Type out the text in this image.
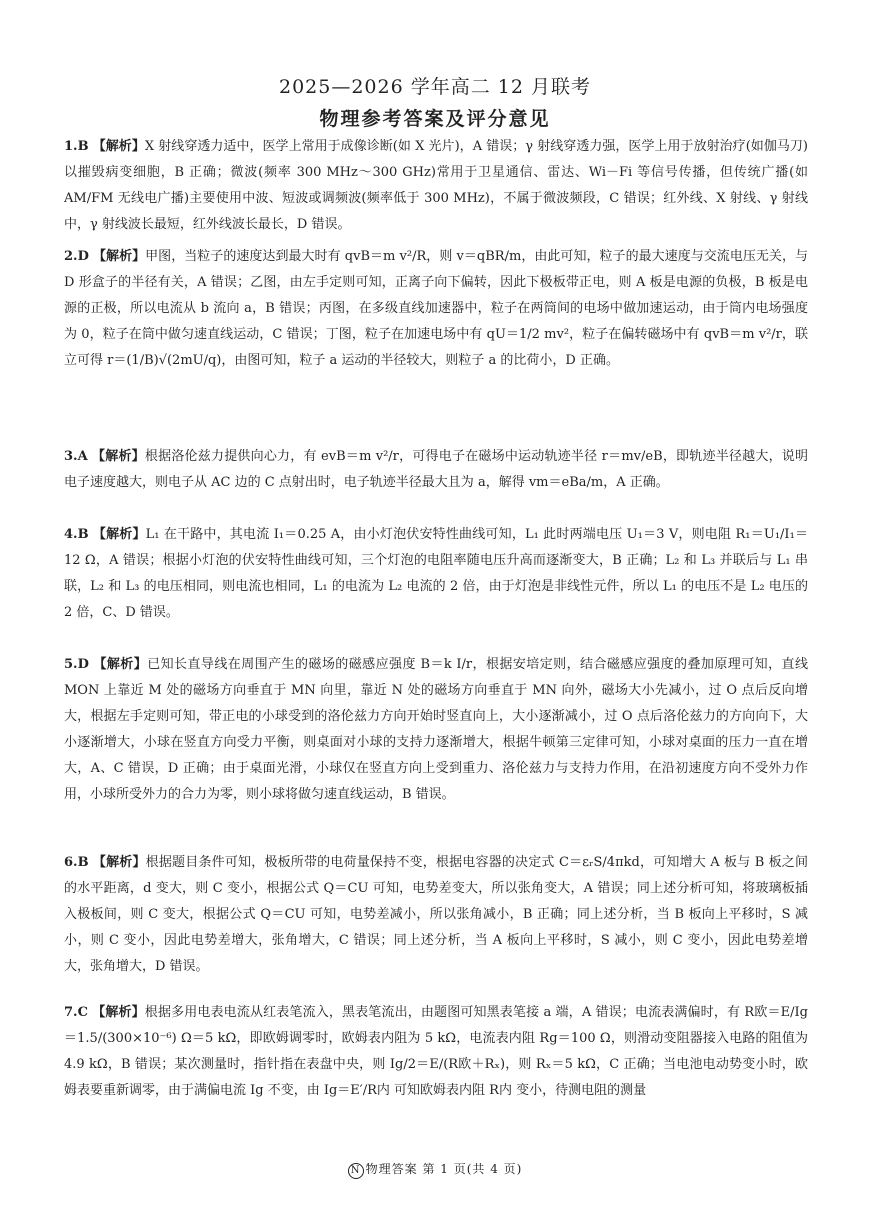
2025—2026 学年高二 12 月联考
物理参考答案及评分意见

1.B 【解析】X 射线穿透力适中，医学上常用于成像诊断(如 X 光片)，A 错误；γ 射线穿透力强，医学上用于放射治疗(如伽马刀)以摧毁病变细胞，B 正确；微波(频率 300 MHz～300 GHz)常用于卫星通信、雷达、Wi－Fi 等信号传播，但传统广播(如 AM/FM 无线电广播)主要使用中波、短波或调频波(频率低于 300 MHz)，不属于微波频段，C 错误；红外线、X 射线、γ 射线中，γ 射线波长最短，红外线波长最长，D 错误。

2.D 【解析】甲图，当粒子的速度达到最大时有 qvB＝m v²/R，则 v＝qBR/m，由此可知，粒子的最大速度与交流电压无关，与 D 形盒子的半径有关，A 错误；乙图，由左手定则可知，正离子向下偏转，因此下极板带正电，则 A 板是电源的负极，B 板是电源的正极，所以电流从 b 流向 a，B 错误；丙图，在多级直线加速器中，粒子在两筒间的电场中做加速运动，由于筒内电场强度为 0，粒子在筒中做匀速直线运动，C 错误；丁图，粒子在加速电场中有 qU＝1/2 mv²，粒子在偏转磁场中有 qvB＝m v²/r，联立可得 r＝(1/B)√(2mU/q)，由图可知，粒子 a 运动的半径较大，则粒子 a 的比荷小，D 正确。

3.A 【解析】根据洛伦兹力提供向心力，有 evB＝m v²/r，可得电子在磁场中运动轨迹半径 r＝mv/eB，即轨迹半径越大，说明电子速度越大，则电子从 AC 边的 C 点射出时，电子轨迹半径最大且为 a，解得 vm＝eBa/m，A 正确。

4.B 【解析】L₁ 在干路中，其电流 I₁＝0.25 A，由小灯泡伏安特性曲线可知，L₁ 此时两端电压 U₁＝3 V，则电阻 R₁＝U₁/I₁＝12 Ω，A 错误；根据小灯泡的伏安特性曲线可知，三个灯泡的电阻率随电压升高而逐渐变大，B 正确；L₂ 和 L₃ 并联后与 L₁ 串联，L₂ 和 L₃ 的电压相同，则电流也相同，L₁ 的电流为 L₂ 电流的 2 倍，由于灯泡是非线性元件，所以 L₁ 的电压不是 L₂ 电压的 2 倍，C、D 错误。

5.D 【解析】已知长直导线在周围产生的磁场的磁感应强度 B＝k I/r，根据安培定则，结合磁感应强度的叠加原理可知，直线 MON 上靠近 M 处的磁场方向垂直于 MN 向里，靠近 N 处的磁场方向垂直于 MN 向外，磁场大小先减小，过 O 点后反向增大，根据左手定则可知，带正电的小球受到的洛伦兹力方向开始时竖直向上，大小逐渐减小，过 O 点后洛伦兹力的方向向下，大小逐渐增大，小球在竖直方向受力平衡，则桌面对小球的支持力逐渐增大，根据牛顿第三定律可知，小球对桌面的压力一直在增大，A、C 错误，D 正确；由于桌面光滑，小球仅在竖直方向上受到重力、洛伦兹力与支持力作用，在沿初速度方向不受外力作用，小球所受外力的合力为零，则小球将做匀速直线运动，B 错误。

6.B 【解析】根据题目条件可知，极板所带的电荷量保持不变，根据电容器的决定式 C＝εᵣS/4πkd，可知增大 A 板与 B 板之间的水平距离，d 变大，则 C 变小，根据公式 Q＝CU 可知，电势差变大，所以张角变大，A 错误；同上述分析可知，将玻璃板插入极板间，则 C 变大，根据公式 Q＝CU 可知，电势差减小，所以张角减小，B 正确；同上述分析，当 B 板向上平移时，S 减小，则 C 变小，因此电势差增大，张角增大，C 错误；同上述分析，当 A 板向上平移时，S 减小，则 C 变小，因此电势差增大，张角增大，D 错误。

7.C 【解析】根据多用电表电流从红表笔流入，黑表笔流出，由题图可知黑表笔接 a 端，A 错误；电流表满偏时，有 R欧＝E/Ig＝1.5/(300×10⁻⁶) Ω＝5 kΩ，即欧姆调零时，欧姆表内阻为 5 kΩ，电流表内阻 Rg＝100 Ω，则滑动变阻器接入电路的阻值为 4.9 kΩ，B 错误；某次测量时，指针指在表盘中央，则 Ig/2＝E/(R欧＋Rₓ)，则 Rₓ＝5 kΩ，C 正确；当电池电动势变小时，欧姆表要重新调零，由于满偏电流 Ig 不变，由 Ig＝E′/R内 可知欧姆表内阻 R内 变小，待测电阻的测量

N 物理答案 第 1 页(共 4 页)
